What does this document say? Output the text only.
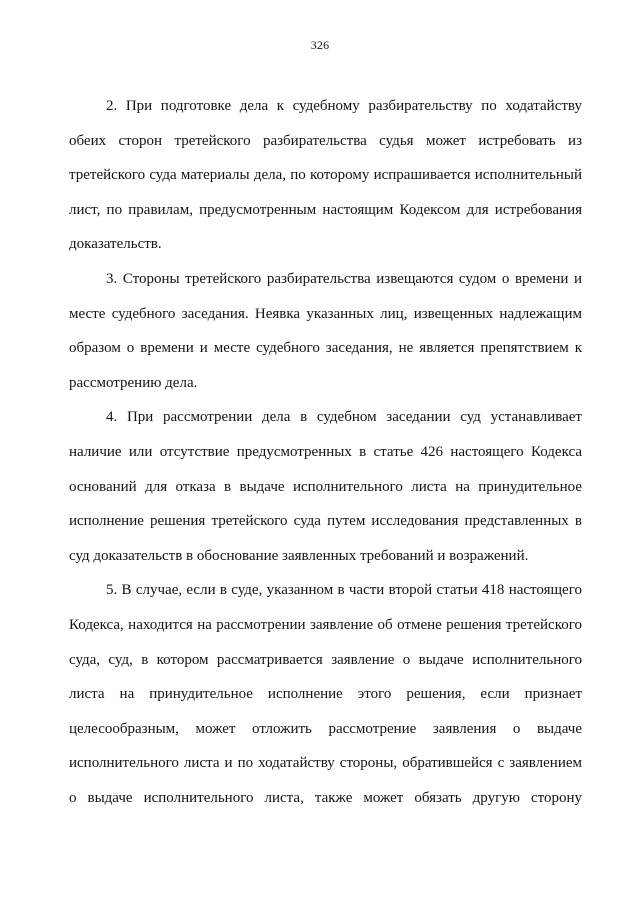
326

2. При подготовке дела к судебному разбирательству по ходатайству обеих сторон третейского разбирательства судья может истребовать из третейского суда материалы дела, по которому испрашивается исполнительный лист, по правилам, предусмотренным настоящим Кодексом для истребования доказательств.

3. Стороны третейского разбирательства извещаются судом о времени и месте судебного заседания. Неявка указанных лиц, извещенных надлежащим образом о времени и месте судебного заседания, не является препятствием к рассмотрению дела.

4. При рассмотрении дела в судебном заседании суд устанавливает наличие или отсутствие предусмотренных в статье 426 настоящего Кодекса оснований для отказа в выдаче исполнительного листа на принудительное исполнение решения третейского суда путем исследования представленных в суд доказательств в обоснование заявленных требований и возражений.

5. В случае, если в суде, указанном в части второй статьи 418 настоящего Кодекса, находится на рассмотрении заявление об отмене решения третейского суда, суд, в котором рассматривается заявление о выдаче исполнительного листа на принудительное исполнение этого решения, если признает целесообразным, может отложить рассмотрение заявления о выдаче исполнительного листа и по ходатайству стороны, обратившейся с заявлением о выдаче исполнительного листа, также может обязать другую сторону
